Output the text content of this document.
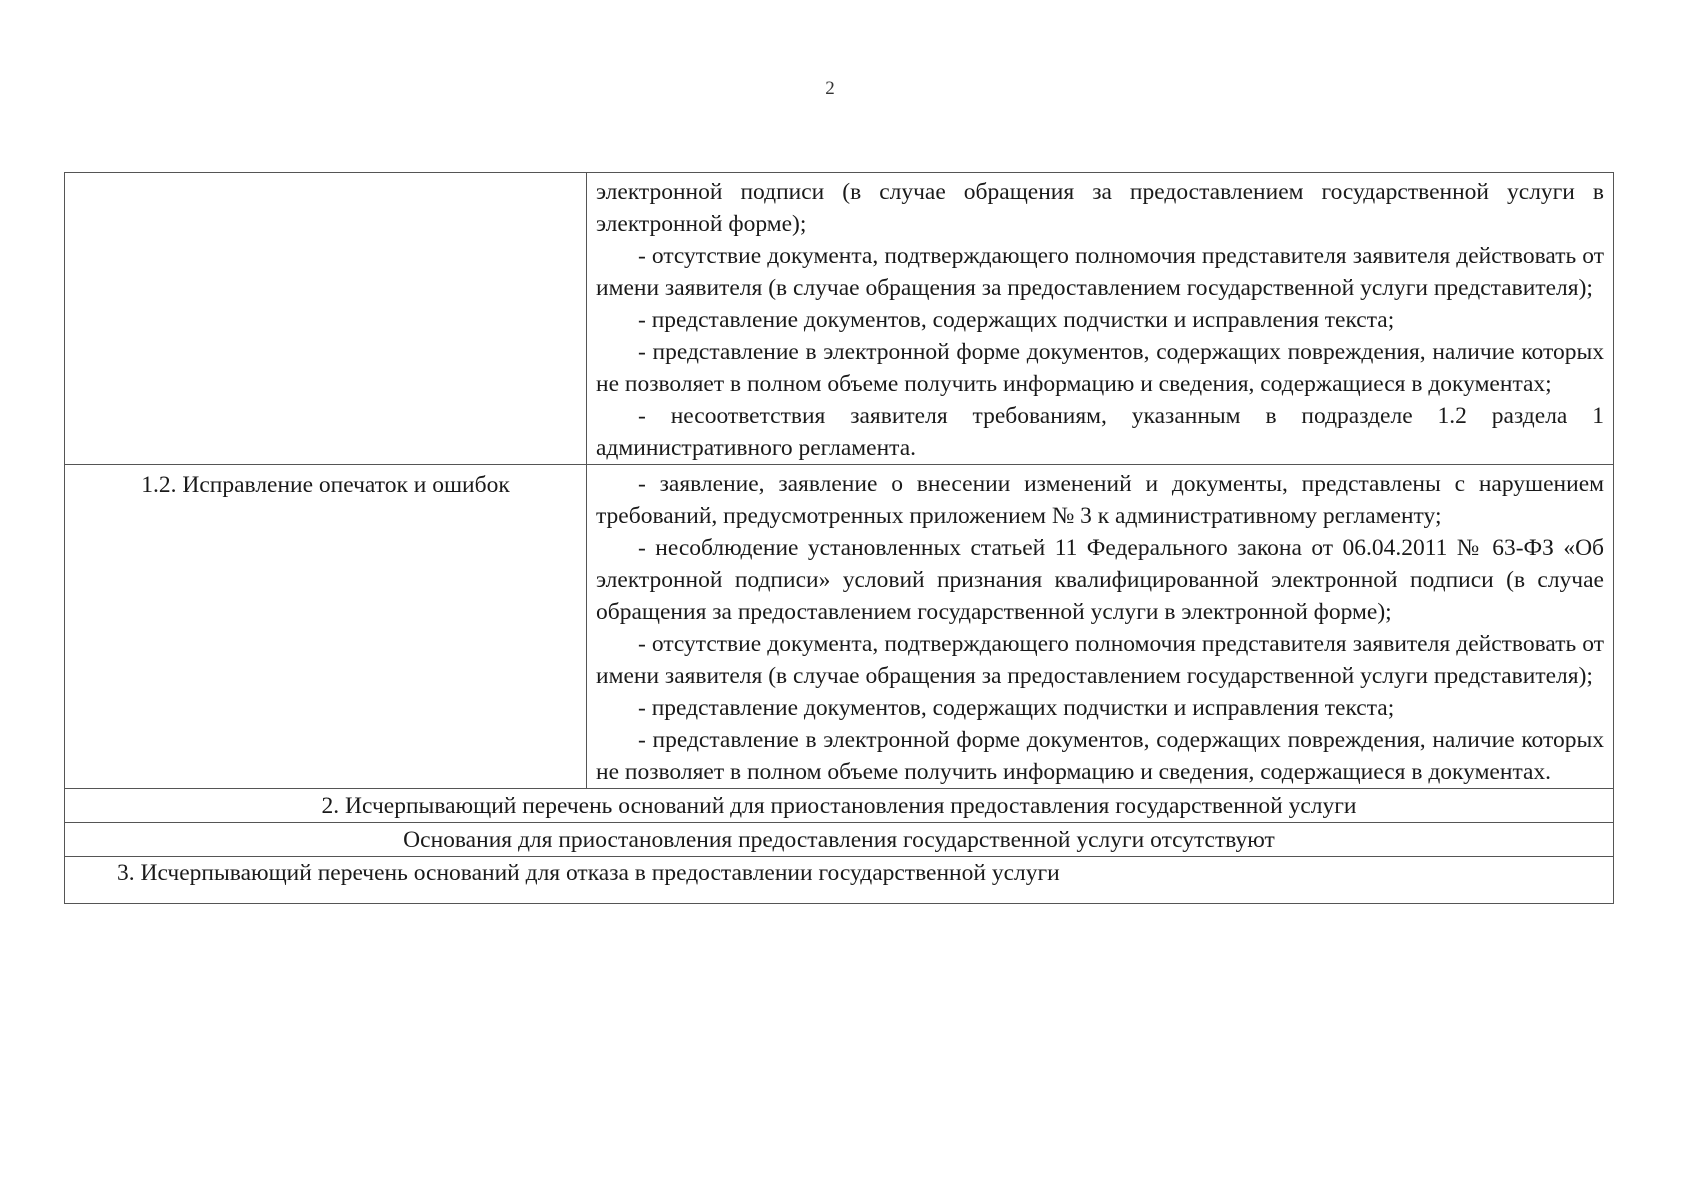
2

	электронной подписи (в случае обращения за предоставлением государственной услуги в электронной форме);

- отсутствие документа, подтверждающего полномочия представителя заявителя действовать от имени заявителя (в случае обращения за предоставлением государственной услуги представителя);

- представление документов, содержащих подчистки и исправления текста;

- представление в электронной форме документов, содержащих повреждения, наличие которых не позволяет в полном объеме получить информацию и сведения, содержащиеся в документах;

- несоответствия заявителя требованиям, указанным в подразделе 1.2 раздела 1 административного регламента.

1.2. Исправление опечаток и ошибок	- заявление, заявление о внесении изменений и документы, представлены с нарушением требований, предусмотренных приложением № 3 к административному регламенту;

- несоблюдение установленных статьей 11 Федерального закона от 06.04.2011 № 63-ФЗ «Об электронной подписи» условий признания квалифицированной электронной подписи (в случае обращения за предоставлением государственной услуги в электронной форме);

- отсутствие документа, подтверждающего полномочия представителя заявителя действовать от имени заявителя (в случае обращения за предоставлением государственной услуги представителя);

- представление документов, содержащих подчистки и исправления текста;

- представление в электронной форме документов, содержащих повреждения, наличие которых не позволяет в полном объеме получить информацию и сведения, содержащиеся в документах.

2. Исчерпывающий перечень оснований для приостановления предоставления государственной услуги	
Основания для приостановления предоставления государственной услуги отсутствуют	
3. Исчерпывающий перечень оснований для отказа в предоставлении государственной услуги	
